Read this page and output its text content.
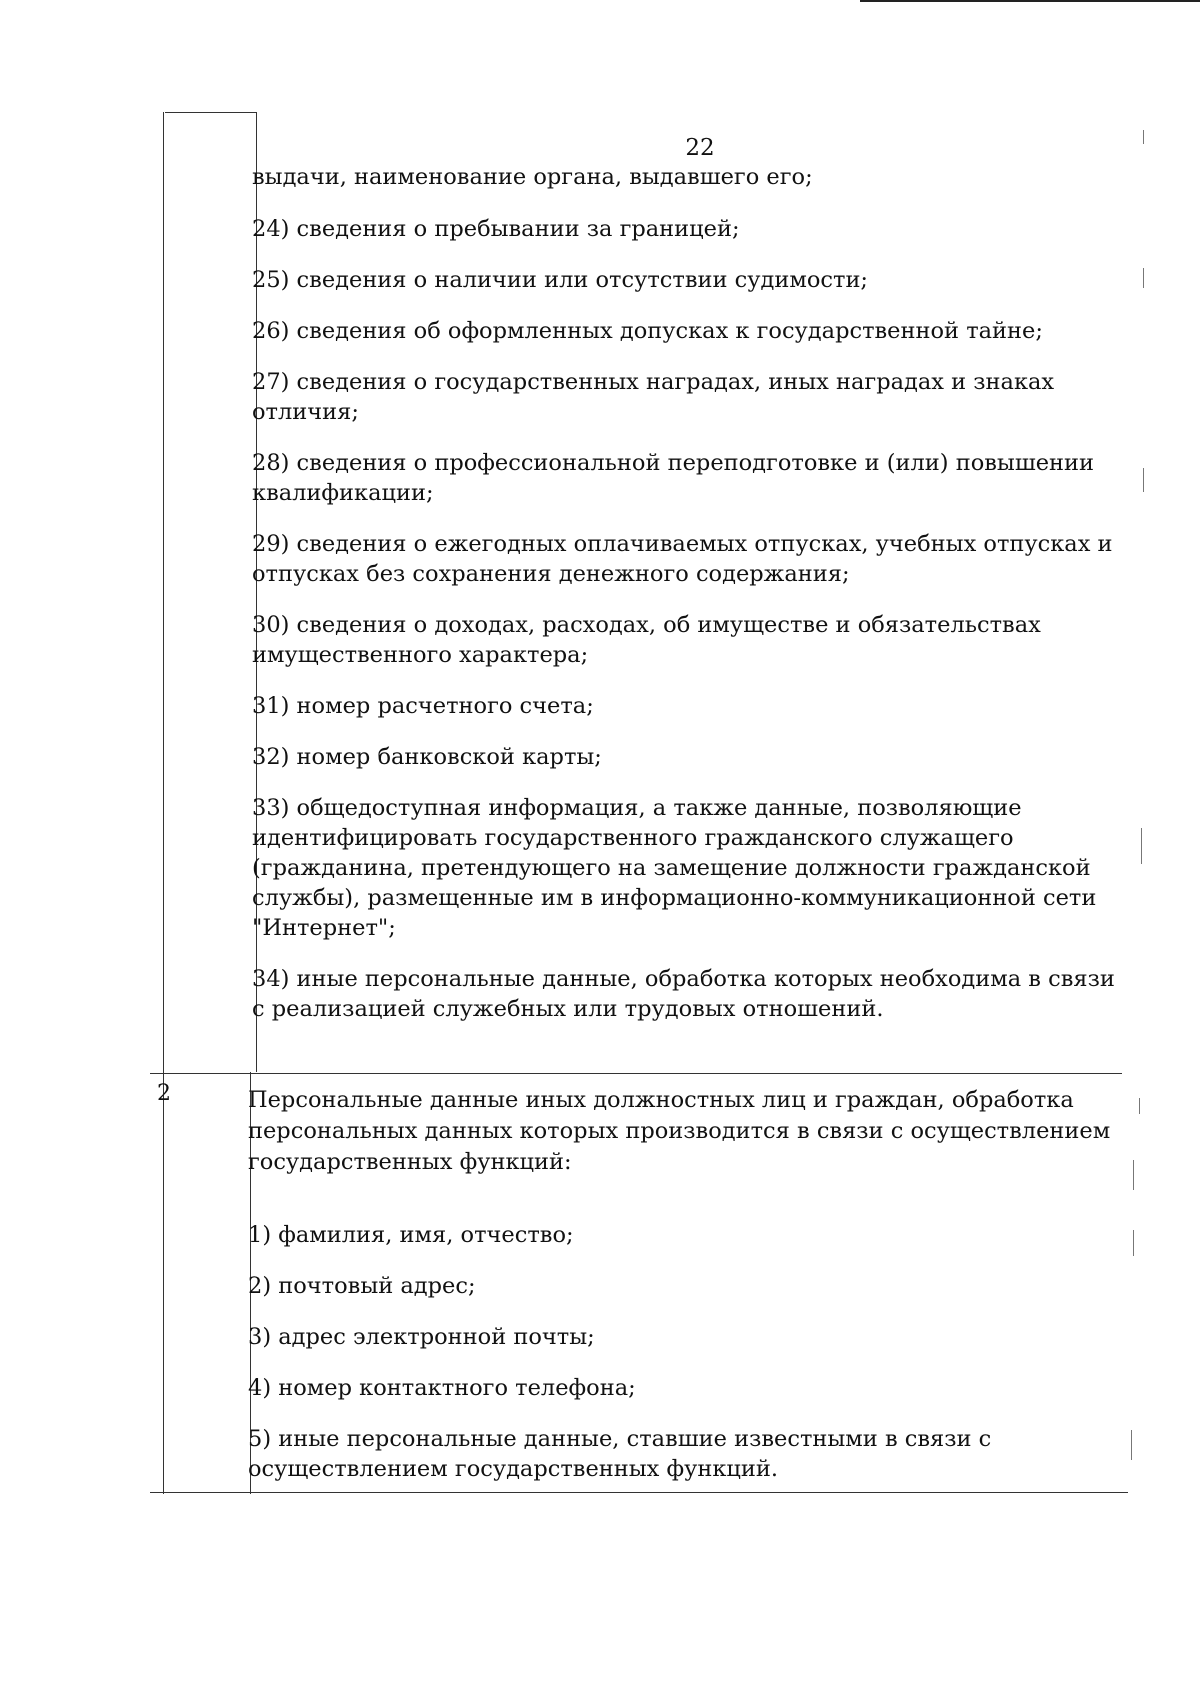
22

выдачи, наименование органа, выдавшего его;

24) сведения о пребывании за границей;

25) сведения о наличии или отсутствии судимости;

26) сведения об оформленных допусках к государственной тайне;

27) сведения о государственных наградах, иных наградах и знаках отличия;

28) сведения о профессиональной переподготовке и (или) повышении квалификации;

29) сведения о ежегодных оплачиваемых отпусках, учебных отпусках и отпусках без сохранения денежного содержания;

30) сведения о доходах, расходах, об имуществе и обязательствах имущественного характера;

31) номер расчетного счета;

32) номер банковской карты;

33) общедоступная информация, а также данные, позволяющие идентифицировать государственного гражданского служащего (гражданина, претендующего на замещение должности гражданской службы), размещенные им в информационно-коммуникационной сети "Интернет";

34) иные персональные данные, обработка которых необходима в связи с реализацией служебных или трудовых отношений.

2	Персональные данные иных должностных лиц и граждан, обработка персональных данных которых производится в связи с осуществлением государственных функций:

1) фамилия, имя, отчество;

2) почтовый адрес;

3) адрес электронной почты;

4) номер контактного телефона;

5) иные персональные данные, ставшие известными в связи с осуществлением государственных функций.
